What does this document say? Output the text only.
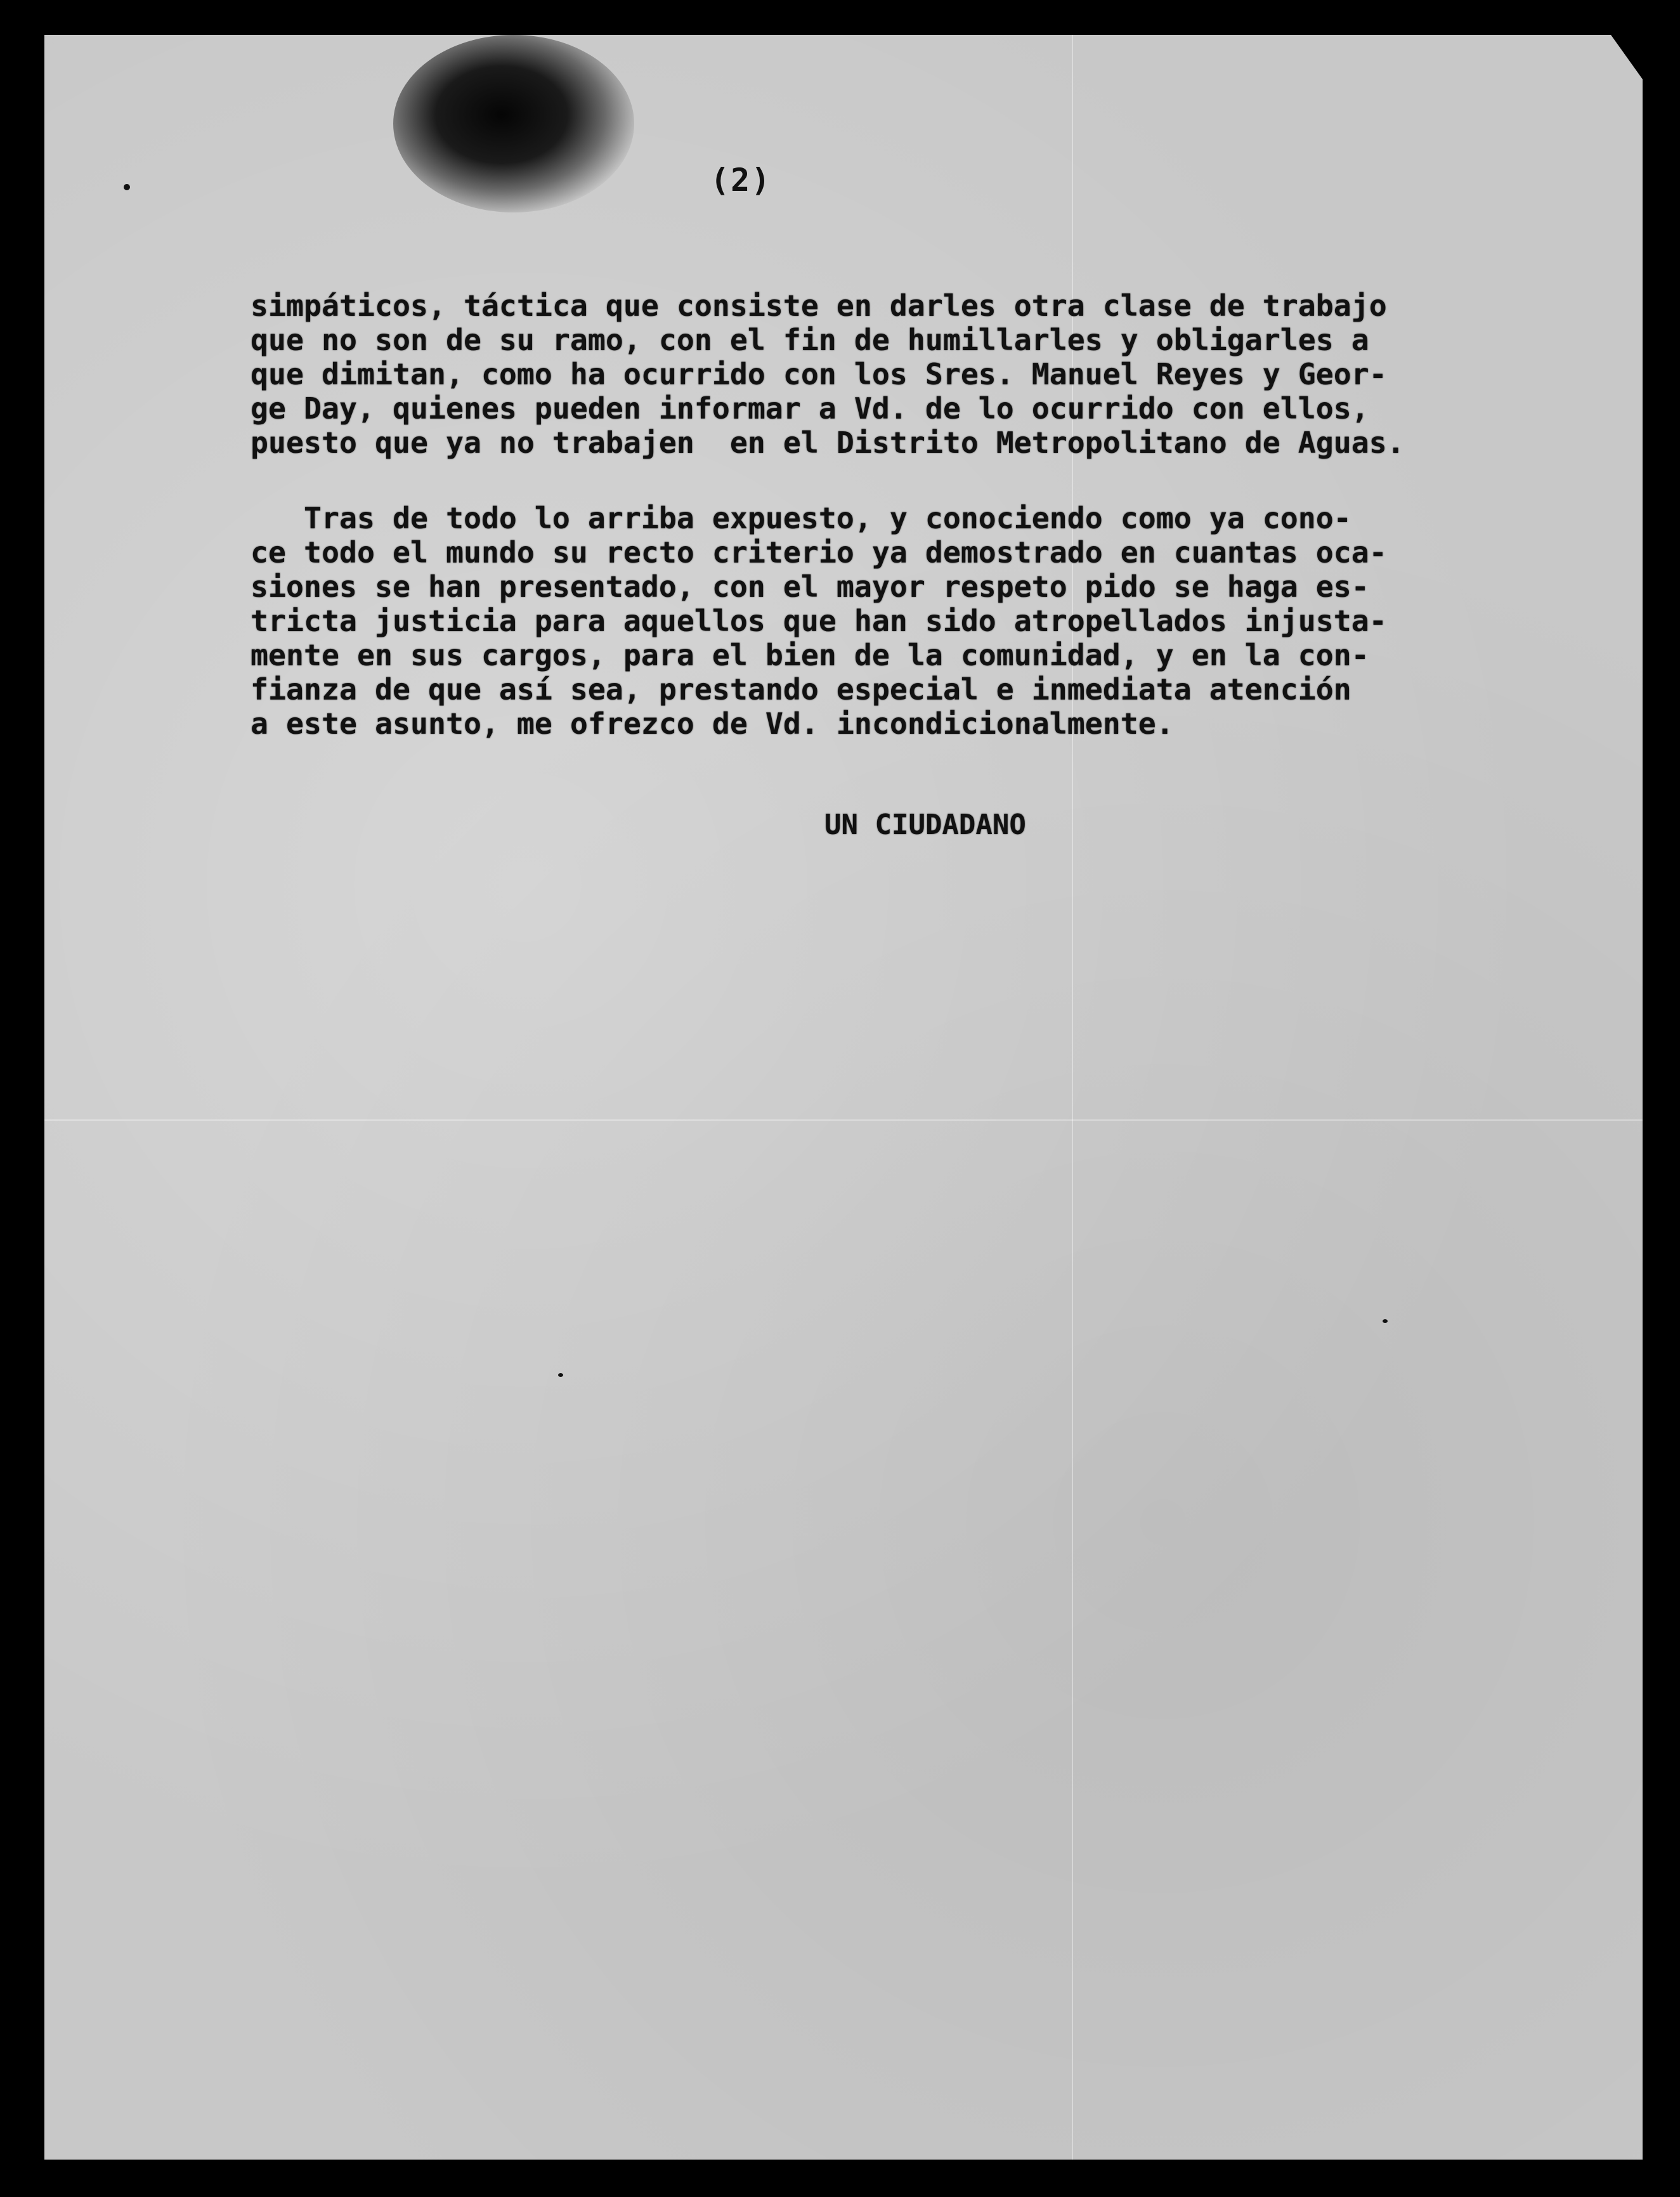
(2)
simpáticos, táctica que consiste en darles otra clase de trabajo
que no son de su ramo, con el fin de humillarles y obligarles a
que dimitan, como ha ocurrido con los Sres. Manuel Reyes y Geor-
ge Day, quienes pueden informar a Vd. de lo ocurrido con ellos,
puesto que ya no trabajen  en el Distrito Metropolitano de Aguas.
Tras de todo lo arriba expuesto, y conociendo como ya cono-
ce todo el mundo su recto criterio ya demostrado en cuantas oca-
siones se han presentado, con el mayor respeto pido se haga es-
tricta justicia para aquellos que han sido atropellados injusta-
mente en sus cargos, para el bien de la comunidad, y en la con-
fianza de que así sea, prestando especial e inmediata atención
a este asunto, me ofrezco de Vd. incondicionalmente.
UN CIUDADANO
